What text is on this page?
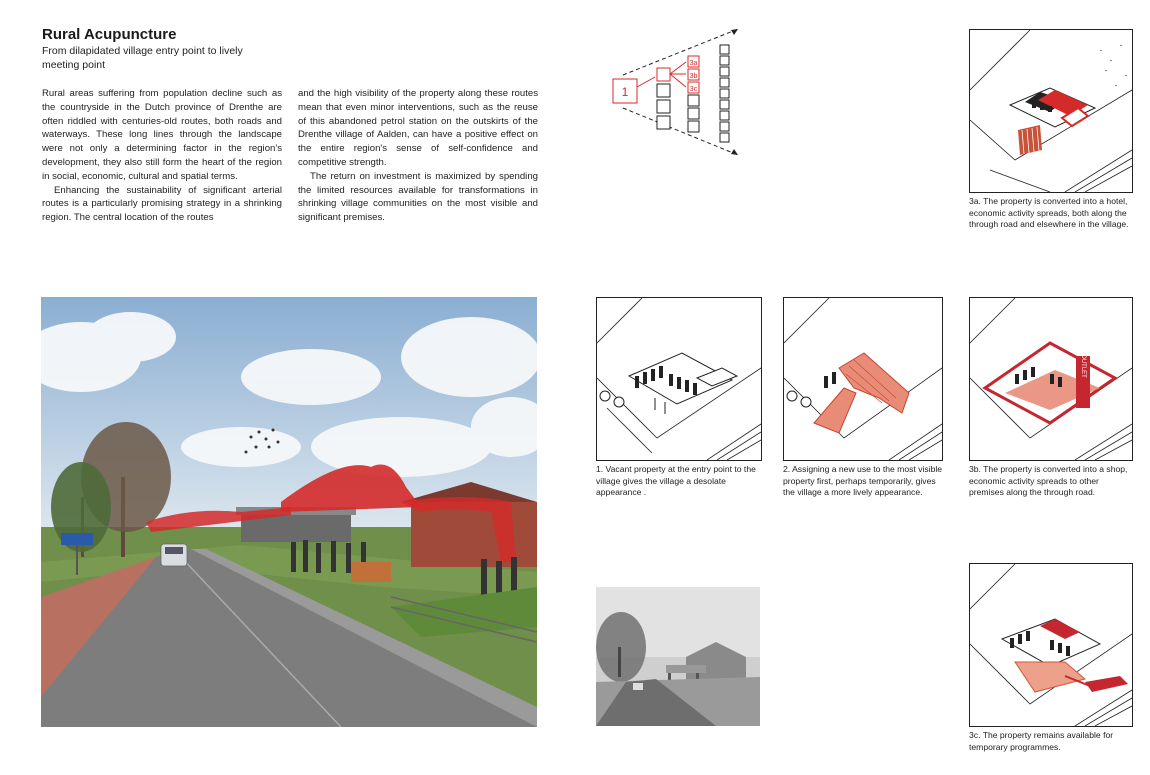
Rural Acupuncture
From dilapidated village entry point to lively meeting point

Rural areas suffering from population decline such as the countryside in the Dutch province of Drenthe are often riddled with centuries-old routes, both roads and waterways. These long lines through the landscape were not only a determining factor in the region's development, they also still form the heart of the region in social, economic, cultural and spatial terms.

Enhancing the sustainability of significant arterial routes is a particularly promising strategy in a shrinking region. The central location of the routes

and the high visibility of the property along these routes mean that even minor interventions, such as the reuse of this abandoned petrol station on the outskirts of the Drenthe village of Aalden, can have a positive effect on the entire region's sense of self-confidence and competitive strength.

The return on investment is maximized by spending the limited resources available for transformations in shrinking village communities on the most visible and significant premises.

1
3a
3b
3c
3a. The property is converted into a hotel, economic activity spreads, both along the through road and elsewhere in the village.
1. Vacant property at the entry point to the village gives the village a desolate appearance .
2. Assigning a new use to the most visible property first, perhaps temporarily, gives the village a more lively appearance.
OUTLET
3b. The property is converted into a shop, economic activity spreads to other premises along the through road.
3c. The property remains available for temporary programmes.
